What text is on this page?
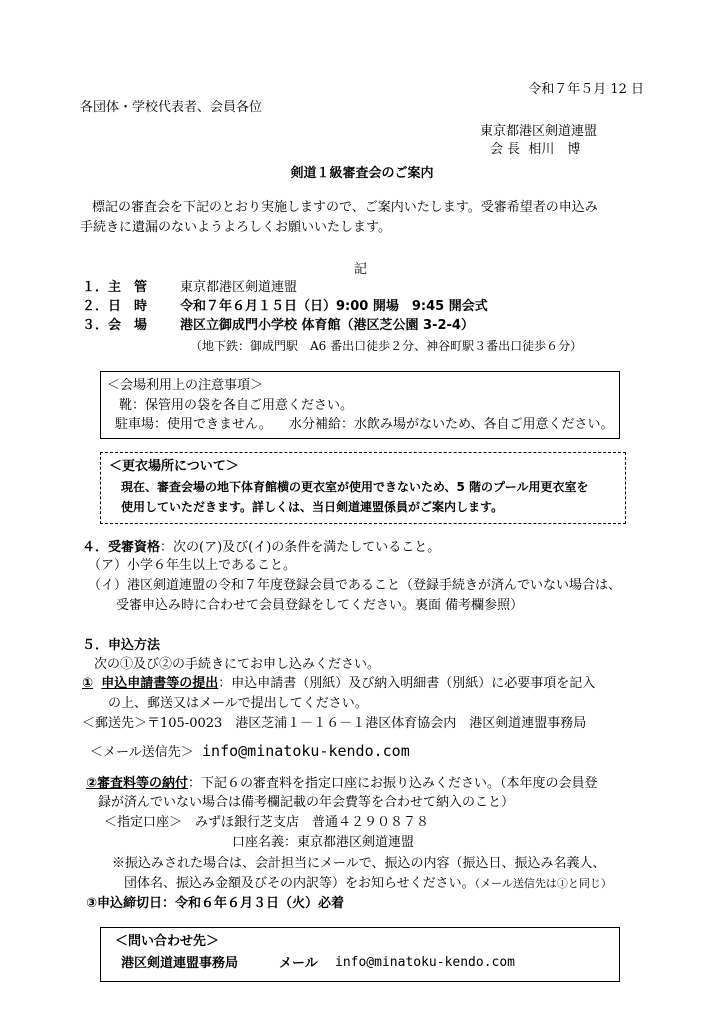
令和７年５月 12 日
各団体・学校代表者、会員各位
東京都港区剣道連盟
会 長 相川　博
剣道１級審査会のご案内
標記の審査会を下記のとおり実施しますので、ご案内いたします。受審希望者の申込み
手続きに遺漏のないようよろしくお願いいたします。
記
１．主　管	東京都港区剣道連盟
２．日　時	令和７年６月１５日（日）9:00 開場　9:45 開会式
３．会　場	港区立御成門小学校 体育館（港区芝公園 3-2-4）
（地下鉄：御成門駅　A6 番出口徒歩２分、神谷町駅３番出口徒歩６分）
＜会場利用上の注意事項＞
靴：保管用の袋を各自ご用意ください。
駐車場：使用できません。 水分補給：水飲み場がないため、各自ご用意ください。
＜更衣場所について＞
現在、審査会場の地下体育館横の更衣室が使用できないため、5 階のプール用更衣室を
使用していただきます。詳しくは、当日剣道連盟係員がご案内します。
４．受審資格：次の(ア)及び(イ)の条件を満たしていること。
（ア）小学６年生以上であること。
（イ）港区剣道連盟の令和７年度登録会員であること（登録手続きが済んでいない場合は、
受審申込み時に合わせて会員登録をしてください。裏面 備考欄参照）
５．申込方法
次の①及び②の手続きにてお申し込みください。
① 申込申請書等の提出：申込申請書（別紙）及び納入明細書（別紙）に必要事項を記入
の上、郵送又はメールで提出してください。
＜郵送先＞〒105-0023　港区芝浦１－１６－１港区体育協会内　港区剣道連盟事務局
＜メール送信先＞ info@minatoku-kendo.com
②審査料等の納付：下記６の審査料を指定口座にお振り込みください。（本年度の会員登
録が済んでいない場合は備考欄記載の年会費等を合わせて納入のこと）
＜指定口座＞　みずほ銀行芝支店　普通４２９０８７８
口座名義：東京都港区剣道連盟
※振込みされた場合は、会計担当にメールで、振込の内容（振込日、振込み名義人、
団体名、振込み金額及びその内訳等）をお知らせください。（メール送信先は①と同じ）
③申込締切日：令和６年６月３日（火）必着
＜問い合わせ先＞
港区剣道連盟事務局	メール info@minatoku-kendo.com
